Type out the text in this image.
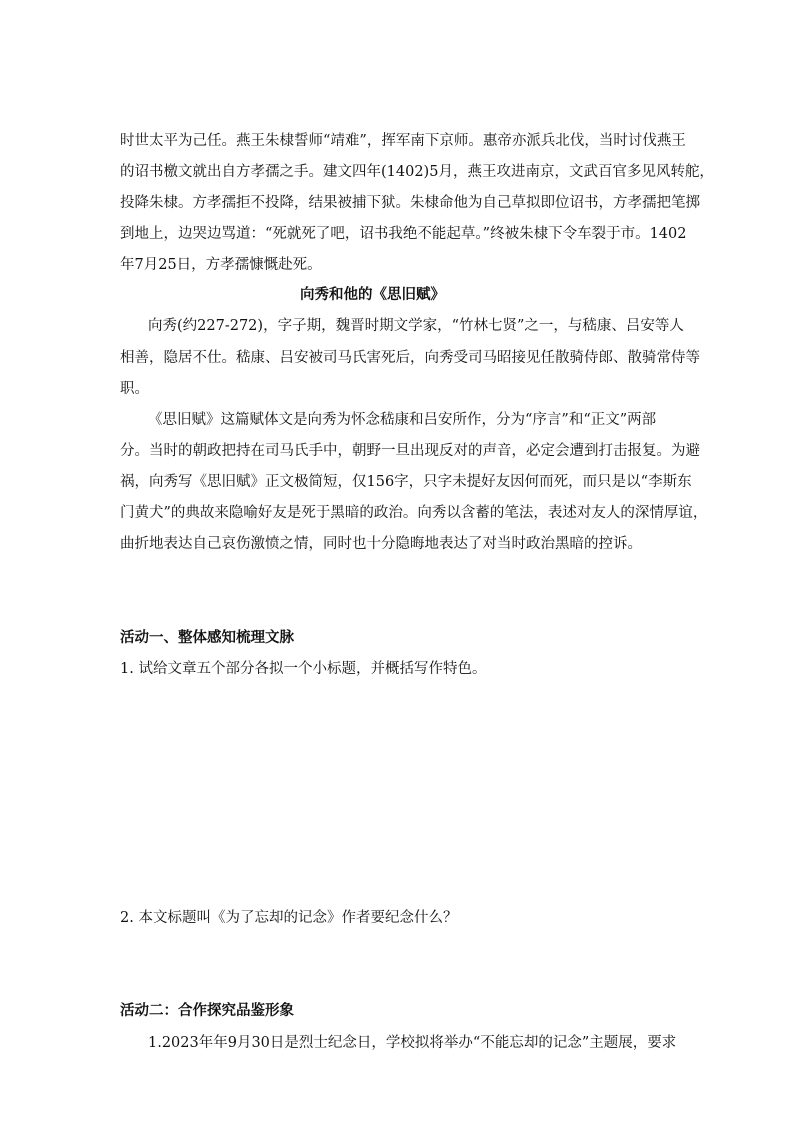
时世太平为己任。燕王朱棣誓师“靖难”，挥军南下京师。惠帝亦派兵北伐，当时讨伐燕王
的诏书檄文就出自方孝孺之手。建文四年(1402)5月，燕王攻进南京，文武百官多见风转舵，
投降朱棣。方孝孺拒不投降，结果被捕下狱。朱棣命他为自己草拟即位诏书，方孝孺把笔掷
到地上，边哭边骂道：“死就死了吧，诏书我绝不能起草。”终被朱棣下令车裂于市。1402
年7月25日，方孝孺慷慨赴死。
向秀和他的《思旧赋》
向秀(约227-272)，字子期，魏晋时期文学家，“竹林七贤”之一，与嵇康、吕安等人
相善，隐居不仕。嵇康、吕安被司马氏害死后，向秀受司马昭接见任散骑侍郎、散骑常侍等
职。
《思旧赋》这篇赋体文是向秀为怀念嵇康和吕安所作，分为“序言”和“正文”两部
分。当时的朝政把持在司马氏手中，朝野一旦出现反对的声音，必定会遭到打击报复。为避
祸，向秀写《思旧赋》正文极简短，仅156字，只字未提好友因何而死，而只是以“李斯东
门黄犬”的典故来隐喻好友是死于黑暗的政治。向秀以含蓄的笔法，表述对友人的深情厚谊，
曲折地表达自己哀伤激愤之情，同时也十分隐晦地表达了对当时政治黑暗的控诉。
活动一、整体感知梳理文脉
1. 试给文章五个部分各拟一个小标题，并概括写作特色。
2. 本文标题叫《为了忘却的记念》作者要纪念什么？
活动二：合作探究品鉴形象
1.2023年年9月30日是烈士纪念日，学校拟将举办“不能忘却的记念”主题展，要求
